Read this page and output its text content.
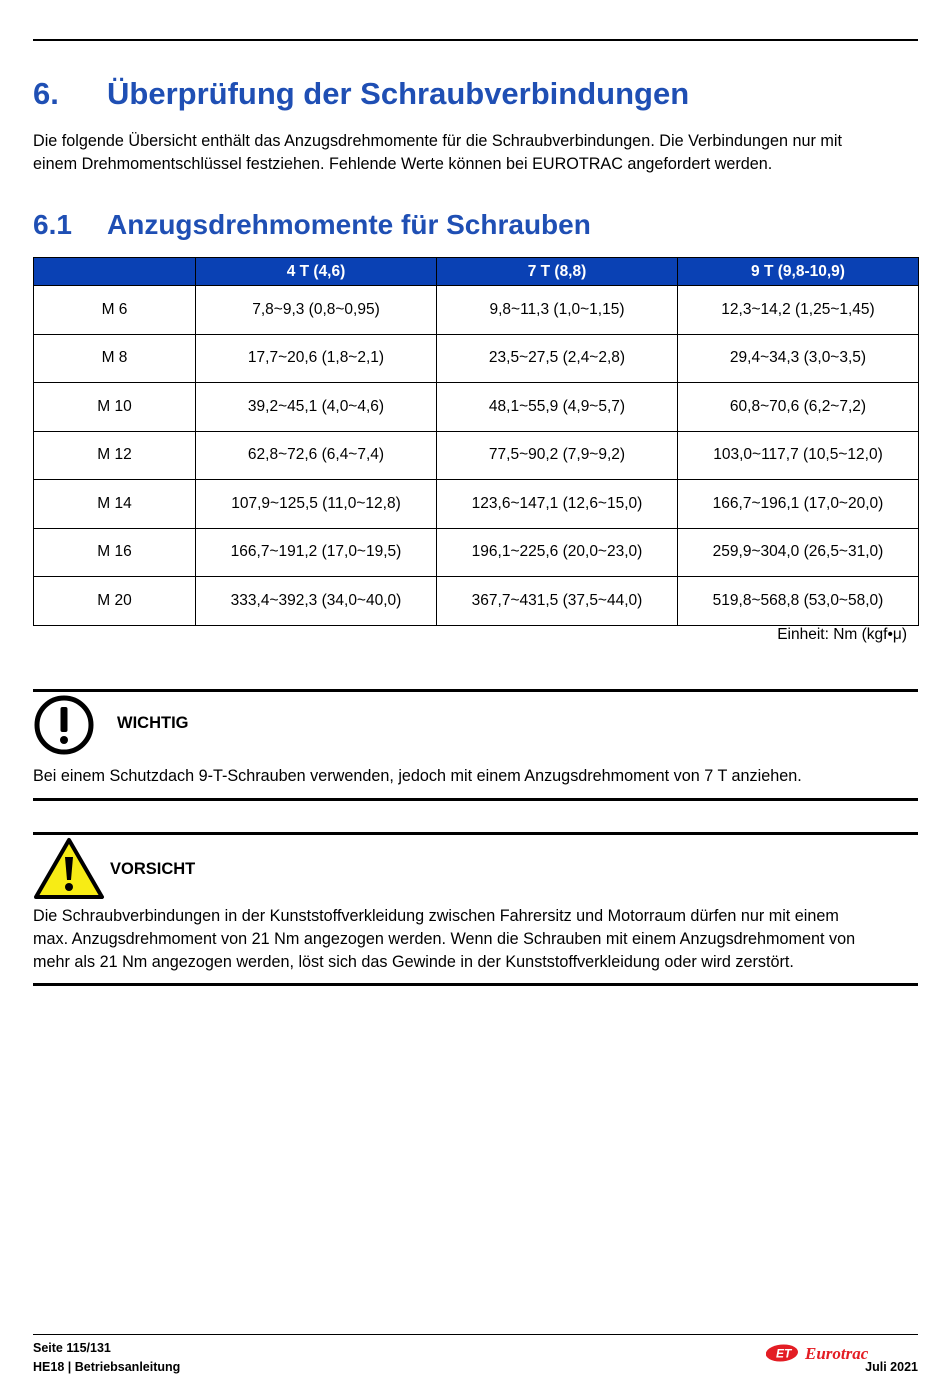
6. Überprüfung der Schraubverbindungen
Die folgende Übersicht enthält das Anzugsdrehmomente für die Schraubverbindungen. Die Verbindungen nur mit
einem Drehmomentschlüssel festziehen. Fehlende Werte können bei EUROTRAC angefordert werden.
6.1 Anzugsdrehmomente für Schrauben
	4 T (4,6)	7 T (8,8)	9 T (9,8-10,9)
M 6	7,8~9,3 (0,8~0,95)	9,8~11,3 (1,0~1,15)	12,3~14,2 (1,25~1,45)
M 8	17,7~20,6 (1,8~2,1)	23,5~27,5 (2,4~2,8)	29,4~34,3 (3,0~3,5)
M 10	39,2~45,1 (4,0~4,6)	48,1~55,9 (4,9~5,7)	60,8~70,6 (6,2~7,2)
M 12	62,8~72,6 (6,4~7,4)	77,5~90,2 (7,9~9,2)	103,0~117,7 (10,5~12,0)
M 14	107,9~125,5 (11,0~12,8)	123,6~147,1 (12,6~15,0)	166,7~196,1 (17,0~20,0)
M 16	166,7~191,2 (17,0~19,5)	196,1~225,6 (20,0~23,0)	259,9~304,0 (26,5~31,0)
M 20	333,4~392,3 (34,0~40,0)	367,7~431,5 (37,5~44,0)	519,8~568,8 (53,0~58,0)
Einheit: Nm (kgf•μ)
WICHTIG
Bei einem Schutzdach 9-T-Schrauben verwenden, jedoch mit einem Anzugsdrehmoment von 7 T anziehen.
VORSICHT
Die Schraubverbindungen in der Kunststoffverkleidung zwischen Fahrersitz und Motorraum dürfen nur mit einem
max. Anzugsdrehmoment von 21 Nm angezogen werden. Wenn die Schrauben mit einem Anzugsdrehmoment von
mehr als 21 Nm angezogen werden, löst sich das Gewinde in der Kunststoffverkleidung oder wird zerstört.
Seite 115/131
HE18 | Betriebsanleitung	Juli 2021
ET Eurotrac
